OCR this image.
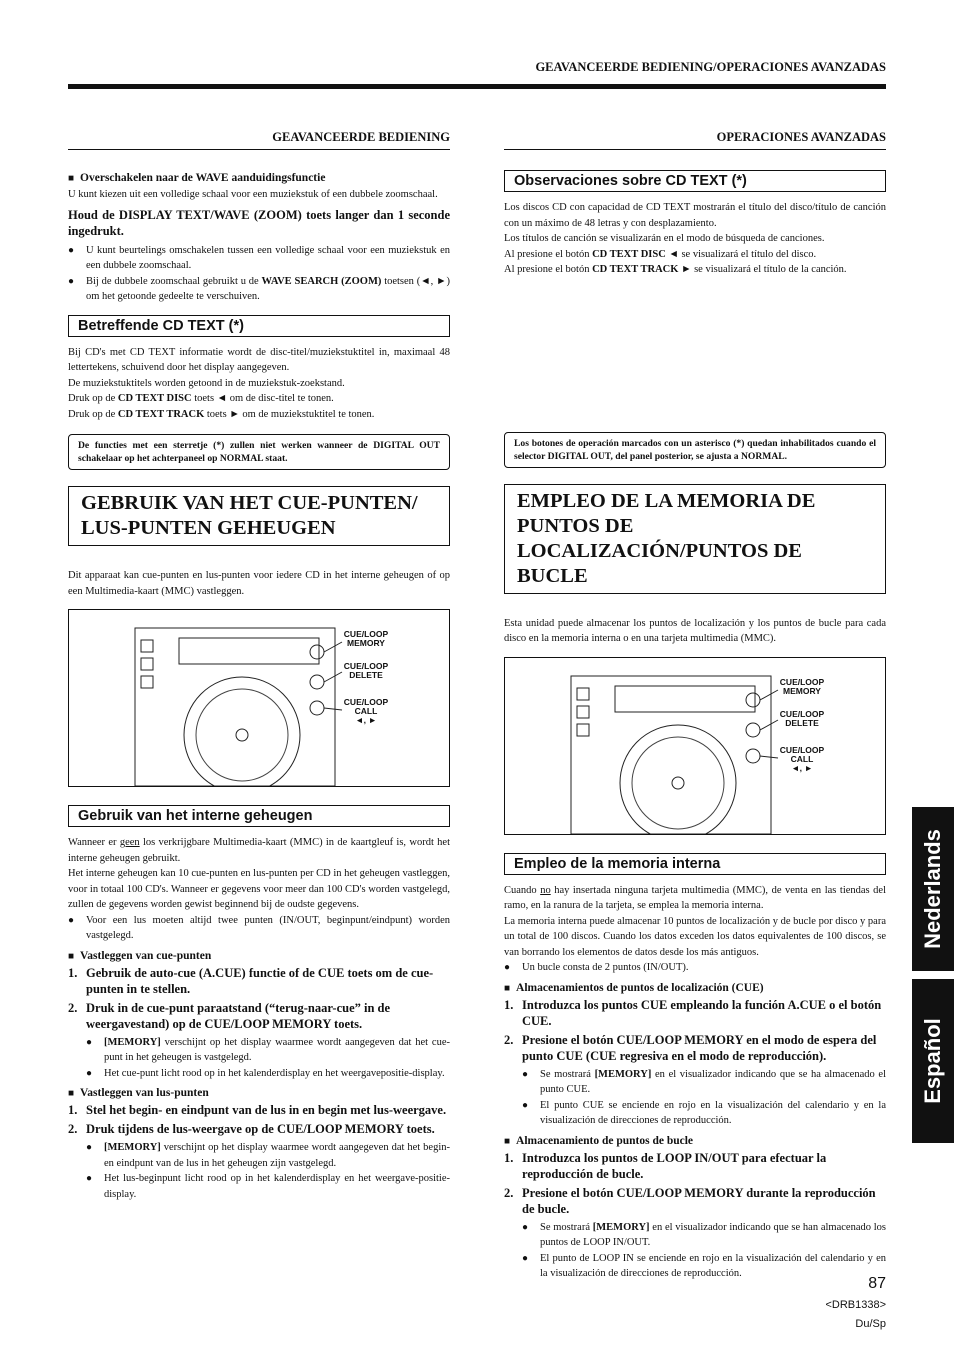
GEAVANCEERDE BEDIENING/OPERACIONES AVANZADAS
GEAVANCEERDE BEDIENING
■ Overschakelen naar de WAVE aanduidingsfunctie

U kunt kiezen uit een volledige schaal voor een muziekstuk of een dubbele zoomschaal.

Houd de DISPLAY TEXT/WAVE (ZOOM) toets langer dan 1 seconde ingedrukt.

● U kunt beurtelings omschakelen tussen een volledige schaal voor een muziekstuk en een dubbele zoomschaal.
● Bij de dubbele zoomschaal gebruikt u de WAVE SEARCH (ZOOM) toetsen (◄, ►) om het getoonde gedeelte te verschuiven.
Betreffende CD TEXT (*)

Bij CD's met CD TEXT informatie wordt de disc-titel/muziekstuktitel in, maximaal 48 lettertekens, schuivend door het display aangegeven.

De muziekstuktitels worden getoond in de muziekstuk-zoekstand.

Druk op de CD TEXT DISC toets ◄ om de disc-titel te tonen.

Druk op de CD TEXT TRACK toets ► om de muziekstuktitel te tonen.

De functies met een sterretje (*) zullen niet werken wanneer de DIGITAL OUT schakelaar op het achterpaneel op NORMAL staat.
GEBRUIK VAN HET CUE-PUNTEN/ LUS-PUNTEN GEHEUGEN

Dit apparaat kan cue-punten en lus-punten voor iedere CD in het interne geheugen of op een Multimedia-kaart (MMC) vastleggen.

CUE/LOOP MEMORY
CUE/LOOP DELETE
CUE/LOOP CALL
◄, ►
Gebruik van het interne geheugen

Wanneer er geen los verkrijgbare Multimedia-kaart (MMC) in de kaartgleuf is, wordt het interne geheugen gebruikt.

Het interne geheugen kan 10 cue-punten en lus-punten per CD in het geheugen vastleggen, voor in totaal 100 CD's. Wanneer er gegevens voor meer dan 100 CD's worden vastgelegd, zullen de gegevens worden gewist beginnend bij de oudste gegevens.

● Voor een lus moeten altijd twee punten (IN/OUT, beginpunt/eindpunt) worden vastgelegd.
■ Vastleggen van cue-punten
1. Gebruik de auto-cue (A.CUE) functie of de CUE toets om de cue-punten in te stellen.
2. Druk in de cue-punt paraatstand (“terug-naar-cue” in de weergavestand) op de CUE/LOOP MEMORY toets.
● [MEMORY] verschijnt op het display waarmee wordt aangegeven dat het cue-punt in het geheugen is vastgelegd.
● Het cue-punt licht rood op in het kalenderdisplay en het weergavepositie-display.
■ Vastleggen van lus-punten
1. Stel het begin- en eindpunt van de lus in en begin met lus-weergave.
2. Druk tijdens de lus-weergave op de CUE/LOOP MEMORY toets.
● [MEMORY] verschijnt op het display waarmee wordt aangegeven dat het begin- en eindpunt van de lus in het geheugen zijn vastgelegd.
● Het lus-beginpunt licht rood op in het kalenderdisplay en het weergave-positie-display.
OPERACIONES AVANZADAS
Observaciones sobre CD TEXT (*)

Los discos CD con capacidad de CD TEXT mostrarán el título del disco/título de canción con un máximo de 48 letras y con desplazamiento.

Los títulos de canción se visualizarán en el modo de búsqueda de canciones.

Al presione el botón CD TEXT DISC ◄ se visualizará el título del disco.

Al presione el botón CD TEXT TRACK ► se visualizará el título de la canción.

Los botones de operación marcados con un asterisco (*) quedan inhabilitados cuando el selector DIGITAL OUT, del panel posterior, se ajusta a NORMAL.
EMPLEO DE LA MEMORIA DE PUNTOS DE LOCALIZACIÓN/PUNTOS DE BUCLE

Esta unidad puede almacenar los puntos de localización y los puntos de bucle para cada disco en la memoria interna o en una tarjeta multimedia (MMC).

CUE/LOOP MEMORY
CUE/LOOP DELETE
CUE/LOOP CALL
◄, ►
Empleo de la memoria interna

Cuando no hay insertada ninguna tarjeta multimedia (MMC), de venta en las tiendas del ramo, en la ranura de la tarjeta, se emplea la memoria interna.

La memoria interna puede almacenar 10 puntos de localización y de bucle por disco y para un total de 100 discos. Cuando los datos exceden los datos equivalentes de 100 discos, se van borrando los elementos de datos desde los más antiguos.

● Un bucle consta de 2 puntos (IN/OUT).
■ Almacenamientos de puntos de localización (CUE)
1. Introduzca los puntos CUE empleando la función A.CUE o el botón CUE.
2. Presione el botón CUE/LOOP MEMORY en el modo de espera del punto CUE (CUE regresiva en el modo de reproducción).
● Se mostrará [MEMORY] en el visualizador indicando que se ha almacenado el punto CUE.
● El punto CUE se enciende en rojo en la visualización del calendario y en la visualización de direcciones de reproducción.
■ Almacenamiento de puntos de bucle
1. Introduzca los puntos de LOOP IN/OUT para efectuar la reproducción de bucle.
2. Presione el botón CUE/LOOP MEMORY durante la reproducción de bucle.
● Se mostrará [MEMORY] en el visualizador indicando que se han almacenado los puntos de LOOP IN/OUT.
● El punto de LOOP IN se enciende en rojo en la visualización del calendario y en la visualización de direcciones de reproducción.
Nederlands
Español
87
<DRB1338>
Du/Sp
